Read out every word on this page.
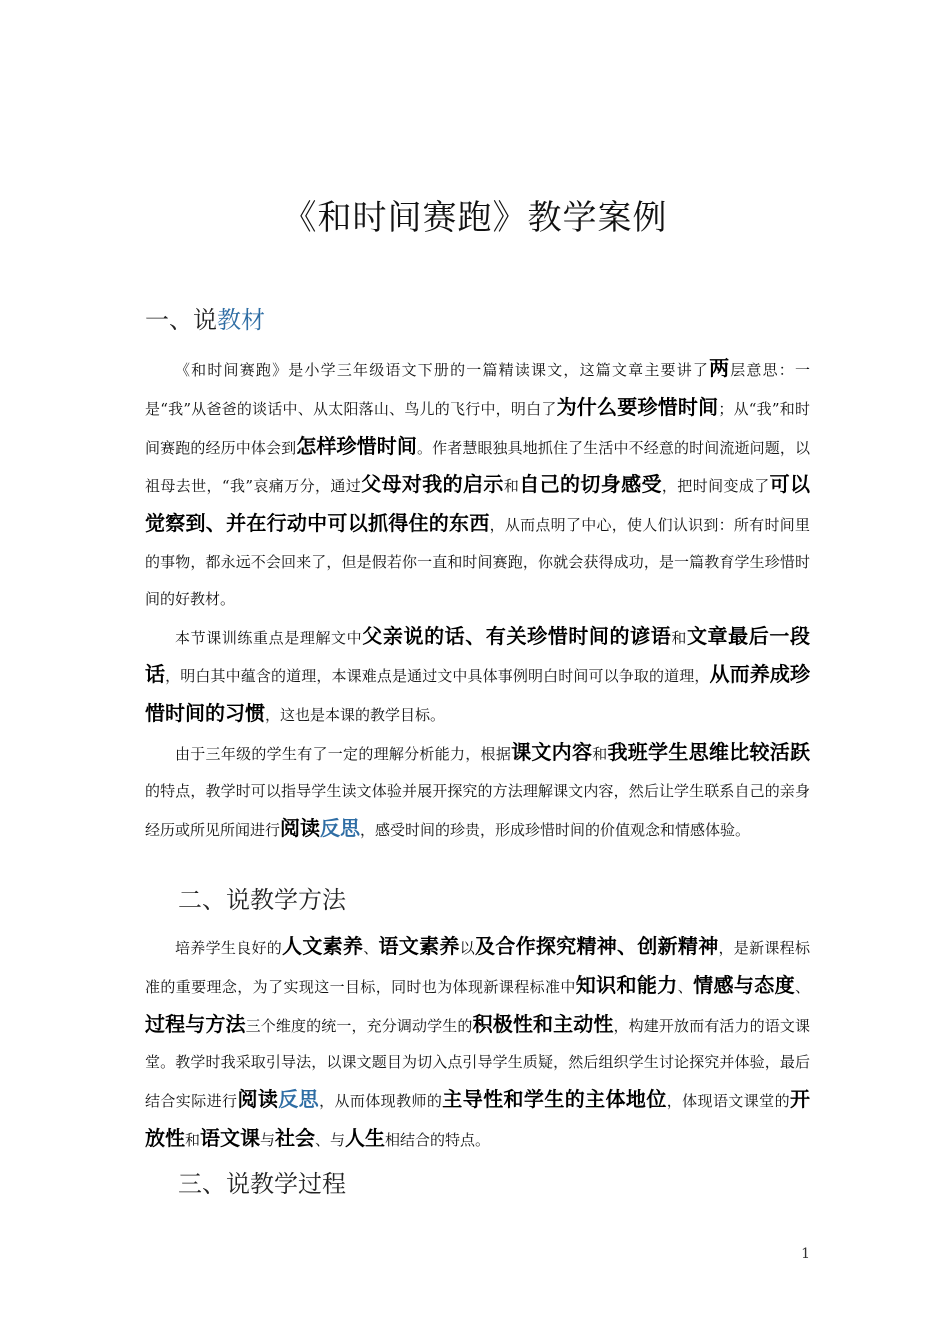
《和时间赛跑》教学案例
一、说教材

《和时间赛跑》是小学三年级语文下册的一篇精读课文，这篇文章主要讲了两层意思：一是“我”从爸爸的谈话中、从太阳落山、鸟儿的飞行中，明白了为什么要珍惜时间；从“我”和时间赛跑的经历中体会到怎样珍惜时间。作者慧眼独具地抓住了生活中不经意的时间流逝问题，以祖母去世，“我”哀痛万分，通过父母对我的启示和自己的切身感受，把时间变成了可以觉察到、并在行动中可以抓得住的东西，从而点明了中心，使人们认识到：所有时间里的事物，都永远不会回来了，但是假若你一直和时间赛跑，你就会获得成功，是一篇教育学生珍惜时间的好教材。

本节课训练重点是理解文中父亲说的话、有关珍惜时间的谚语和文章最后一段话，明白其中蕴含的道理，本课难点是通过文中具体事例明白时间可以争取的道理，从而养成珍惜时间的习惯，这也是本课的教学目标。

由于三年级的学生有了一定的理解分析能力，根据课文内容和我班学生思维比较活跃的特点，教学时可以指导学生读文体验并展开探究的方法理解课文内容，然后让学生联系自己的亲身经历或所见所闻进行阅读反思，感受时间的珍贵，形成珍惜时间的价值观念和情感体验。

二、说教学方法

培养学生良好的人文素养、语文素养以及合作探究精神、创新精神，是新课程标准的重要理念，为了实现这一目标，同时也为体现新课程标准中知识和能力、情感与态度、过程与方法三个维度的统一，充分调动学生的积极性和主动性，构建开放而有活力的语文课堂。教学时我采取引导法，以课文题目为切入点引导学生质疑，然后组织学生讨论探究并体验，最后结合实际进行阅读反思，从而体现教师的主导性和学生的主体地位，体现语文课堂的开放性和语文课与社会、与人生相结合的特点。

三、说教学过程
1
